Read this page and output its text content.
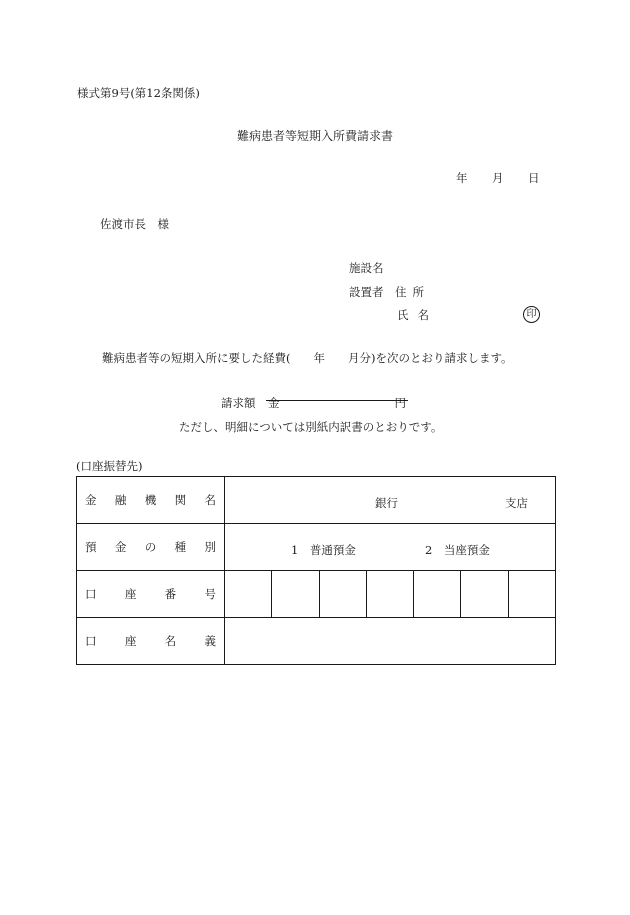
様式第9号(第12条関係)
難病患者等短期入所費請求書
年 月 日
佐渡市長　様
施設名
設置者 住所
氏名	印
難病患者等の短期入所に要した経費(　　年　　月分)を次のとおり請求します。
請求額 金	円
ただし、明細については別紙内訳書のとおりです。
(口座振替先)
金 融 機 関 名	銀行 支店						

預 金 の 種 別	1　普通預金 2　当座預金						

口 座 番 号							

口 座 名 義							
